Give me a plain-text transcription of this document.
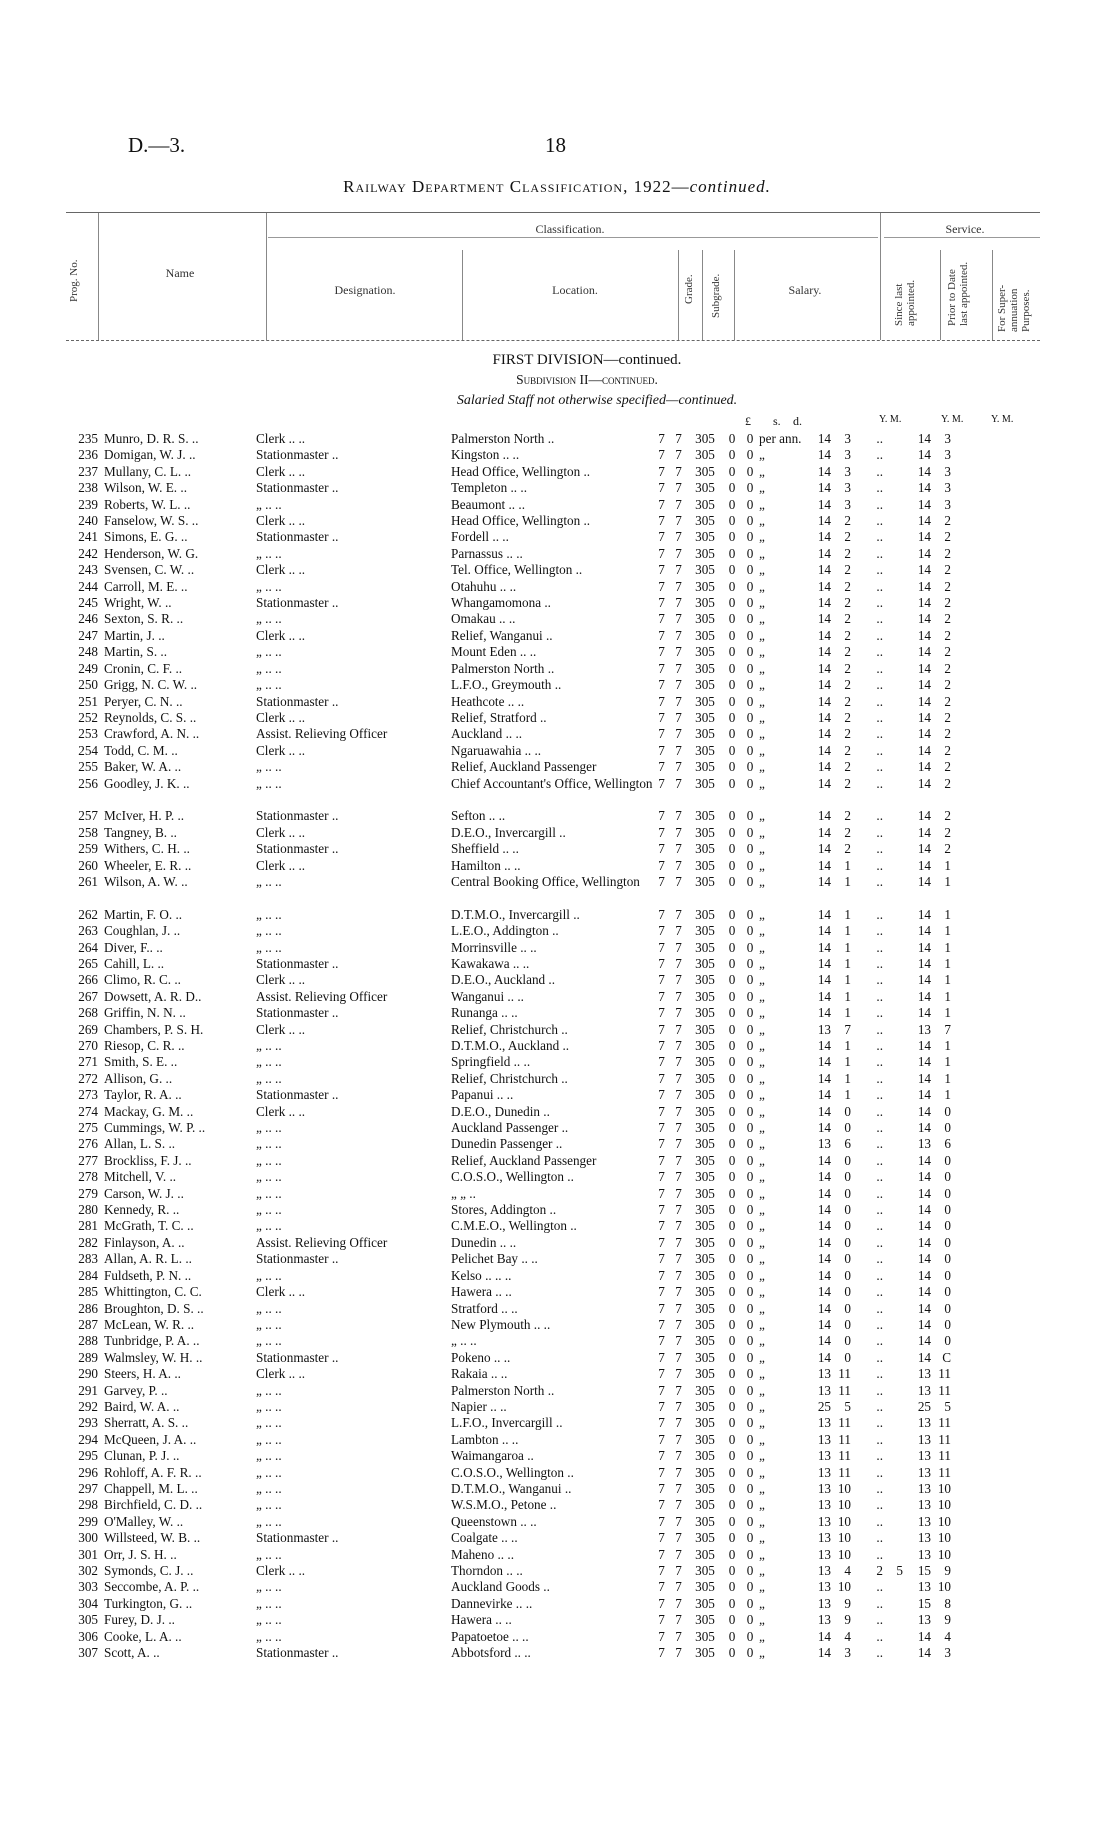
D.—3.	18
Railway Department Classification, 1922—continued.
Prog. No.	Name
Classification.
Designation.	Location.	Grade. Subgrade.	Salary.
Service.
Since last appointed.	Prior to Date last appointed. For Super-annuation Purposes.
FIRST DIVISION—continued.
Subdivision II—continued.
Salaried Staff not otherwise specified—continued.
£ s. d.	Y. M.	Y. M.	Y. M.
235	Munro, D. R. S. ..	Clerk .. ..	Palmerston North ..	7	7	305	0	0	per ann.	14	3	..		14	3
236	Domigan, W. J. ..	Stationmaster ..	Kingston .. ..	7	7	305	0	0	„	14	3	..		14	3
237	Mullany, C. L. ..	Clerk .. ..	Head Office, Wellington ..	7	7	305	0	0	„	14	3	..		14	3
238	Wilson, W. E. ..	Stationmaster ..	Templeton .. ..	7	7	305	0	0	„	14	3	..		14	3
239	Roberts, W. L. ..	„ .. ..	Beaumont .. ..	7	7	305	0	0	„	14	3	..		14	3
240	Fanselow, W. S. ..	Clerk .. ..	Head Office, Wellington ..	7	7	305	0	0	„	14	2	..		14	2
241	Simons, E. G. ..	Stationmaster ..	Fordell .. ..	7	7	305	0	0	„	14	2	..		14	2
242	Henderson, W. G.	„ .. ..	Parnassus .. ..	7	7	305	0	0	„	14	2	..		14	2
243	Svensen, C. W. ..	Clerk .. ..	Tel. Office, Wellington ..	7	7	305	0	0	„	14	2	..		14	2
244	Carroll, M. E. ..	„ .. ..	Otahuhu .. ..	7	7	305	0	0	„	14	2	..		14	2
245	Wright, W. ..	Stationmaster ..	Whangamomona ..	7	7	305	0	0	„	14	2	..		14	2
246	Sexton, S. R. ..	„ .. ..	Omakau .. ..	7	7	305	0	0	„	14	2	..		14	2
247	Martin, J. ..	Clerk .. ..	Relief, Wanganui ..	7	7	305	0	0	„	14	2	..		14	2
248	Martin, S. ..	„ .. ..	Mount Eden .. ..	7	7	305	0	0	„	14	2	..		14	2
249	Cronin, C. F. ..	„ .. ..	Palmerston North ..	7	7	305	0	0	„	14	2	..		14	2
250	Grigg, N. C. W. ..	„ .. ..	L.F.O., Greymouth ..	7	7	305	0	0	„	14	2	..		14	2
251	Peryer, C. N. ..	Stationmaster ..	Heathcote .. ..	7	7	305	0	0	„	14	2	..		14	2
252	Reynolds, C. S. ..	Clerk .. ..	Relief, Stratford ..	7	7	305	0	0	„	14	2	..		14	2
253	Crawford, A. N. ..	Assist. Relieving Officer	Auckland .. ..	7	7	305	0	0	„	14	2	..		14	2
254	Todd, C. M. ..	Clerk .. ..	Ngaruawahia .. ..	7	7	305	0	0	„	14	2	..		14	2
255	Baker, W. A. ..	„ .. ..	Relief, Auckland Passenger	7	7	305	0	0	„	14	2	..		14	2
256	Goodley, J. K. ..	„ .. ..	Chief Accountant's Office, Wellington	7	7	305	0	0	„	14	2	..		14	2
257	McIver, H. P. ..	Stationmaster ..	Sefton .. ..	7	7	305	0	0	„	14	2	..		14	2
258	Tangney, B. ..	Clerk .. ..	D.E.O., Invercargill ..	7	7	305	0	0	„	14	2	..		14	2
259	Withers, C. H. ..	Stationmaster ..	Sheffield .. ..	7	7	305	0	0	„	14	2	..		14	2
260	Wheeler, E. R. ..	Clerk .. ..	Hamilton .. ..	7	7	305	0	0	„	14	1	..		14	1
261	Wilson, A. W. ..	„ .. ..	Central Booking Office, Wellington	7	7	305	0	0	„	14	1	..		14	1
262	Martin, F. O. ..	„ .. ..	D.T.M.O., Invercargill ..	7	7	305	0	0	„	14	1	..		14	1
263	Coughlan, J. ..	„ .. ..	L.E.O., Addington ..	7	7	305	0	0	„	14	1	..		14	1
264	Diver, F.. ..	„ .. ..	Morrinsville .. ..	7	7	305	0	0	„	14	1	..		14	1
265	Cahill, L. ..	Stationmaster ..	Kawakawa .. ..	7	7	305	0	0	„	14	1	..		14	1
266	Climo, R. C. ..	Clerk .. ..	D.E.O., Auckland ..	7	7	305	0	0	„	14	1	..		14	1
267	Dowsett, A. R. D..	Assist. Relieving Officer	Wanganui .. ..	7	7	305	0	0	„	14	1	..		14	1
268	Griffin, N. N. ..	Stationmaster ..	Runanga .. ..	7	7	305	0	0	„	14	1	..		14	1
269	Chambers, P. S. H.	Clerk .. ..	Relief, Christchurch ..	7	7	305	0	0	„	13	7	..		13	7
270	Riesop, C. R. ..	„ .. ..	D.T.M.O., Auckland ..	7	7	305	0	0	„	14	1	..		14	1
271	Smith, S. E. ..	„ .. ..	Springfield .. ..	7	7	305	0	0	„	14	1	..		14	1
272	Allison, G. ..	„ .. ..	Relief, Christchurch ..	7	7	305	0	0	„	14	1	..		14	1
273	Taylor, R. A. ..	Stationmaster ..	Papanui .. ..	7	7	305	0	0	„	14	1	..		14	1
274	Mackay, G. M. ..	Clerk .. ..	D.E.O., Dunedin ..	7	7	305	0	0	„	14	0	..		14	0
275	Cummings, W. P. ..	„ .. ..	Auckland Passenger ..	7	7	305	0	0	„	14	0	..		14	0
276	Allan, L. S. ..	„ .. ..	Dunedin Passenger ..	7	7	305	0	0	„	13	6	..		13	6
277	Brockliss, F. J. ..	„ .. ..	Relief, Auckland Passenger	7	7	305	0	0	„	14	0	..		14	0
278	Mitchell, V. ..	„ .. ..	C.O.S.O., Wellington ..	7	7	305	0	0	„	14	0	..		14	0
279	Carson, W. J. ..	„ .. ..	„ „ ..	7	7	305	0	0	„	14	0	..		14	0
280	Kennedy, R. ..	„ .. ..	Stores, Addington ..	7	7	305	0	0	„	14	0	..		14	0
281	McGrath, T. C. ..	„ .. ..	C.M.E.O., Wellington ..	7	7	305	0	0	„	14	0	..		14	0
282	Finlayson, A. ..	Assist. Relieving Officer	Dunedin .. ..	7	7	305	0	0	„	14	0	..		14	0
283	Allan, A. R. L. ..	Stationmaster ..	Pelichet Bay .. ..	7	7	305	0	0	„	14	0	..		14	0
284	Fuldseth, P. N. ..	„ .. ..	Kelso .. .. ..	7	7	305	0	0	„	14	0	..		14	0
285	Whittington, C. C.	Clerk .. ..	Hawera .. ..	7	7	305	0	0	„	14	0	..		14	0
286	Broughton, D. S. ..	„ .. ..	Stratford .. ..	7	7	305	0	0	„	14	0	..		14	0
287	McLean, W. R. ..	„ .. ..	New Plymouth .. ..	7	7	305	0	0	„	14	0	..		14	0
288	Tunbridge, P. A. ..	„ .. ..	„ .. ..	7	7	305	0	0	„	14	0	..		14	0
289	Walmsley, W. H. ..	Stationmaster ..	Pokeno .. ..	7	7	305	0	0	„	14	0	..		14	C
290	Steers, H. A. ..	Clerk .. ..	Rakaia .. ..	7	7	305	0	0	„	13	11	..		13	11
291	Garvey, P. ..	„ .. ..	Palmerston North ..	7	7	305	0	0	„	13	11	..		13	11
292	Baird, W. A. ..	„ .. ..	Napier .. ..	7	7	305	0	0	„	25	5	..		25	5
293	Sherratt, A. S. ..	„ .. ..	L.F.O., Invercargill ..	7	7	305	0	0	„	13	11	..		13	11
294	McQueen, J. A. ..	„ .. ..	Lambton .. ..	7	7	305	0	0	„	13	11	..		13	11
295	Clunan, P. J. ..	„ .. ..	Waimangaroa ..	7	7	305	0	0	„	13	11	..		13	11
296	Rohloff, A. F. R. ..	„ .. ..	C.O.S.O., Wellington ..	7	7	305	0	0	„	13	11	..		13	11
297	Chappell, M. L. ..	„ .. ..	D.T.M.O., Wanganui ..	7	7	305	0	0	„	13	10	..		13	10
298	Birchfield, C. D. ..	„ .. ..	W.S.M.O., Petone ..	7	7	305	0	0	„	13	10	..		13	10
299	O'Malley, W. ..	„ .. ..	Queenstown .. ..	7	7	305	0	0	„	13	10	..		13	10
300	Willsteed, W. B. ..	Stationmaster ..	Coalgate .. ..	7	7	305	0	0	„	13	10	..		13	10
301	Orr, J. S. H. ..	„ .. ..	Maheno .. ..	7	7	305	0	0	„	13	10	..		13	10
302	Symonds, C. J. ..	Clerk .. ..	Thorndon .. ..	7	7	305	0	0	„	13	4	2	5	15	9
303	Seccombe, A. P. ..	„ .. ..	Auckland Goods ..	7	7	305	0	0	„	13	10	..		13	10
304	Turkington, G. ..	„ .. ..	Dannevirke .. ..	7	7	305	0	0	„	13	9	..		15	8
305	Furey, D. J. ..	„ .. ..	Hawera .. ..	7	7	305	0	0	„	13	9	..		13	9
306	Cooke, L. A. ..	„ .. ..	Papatoetoe .. ..	7	7	305	0	0	„	14	4	..		14	4
307	Scott, A. ..	Stationmaster ..	Abbotsford .. ..	7	7	305	0	0	„	14	3	..		14	3
